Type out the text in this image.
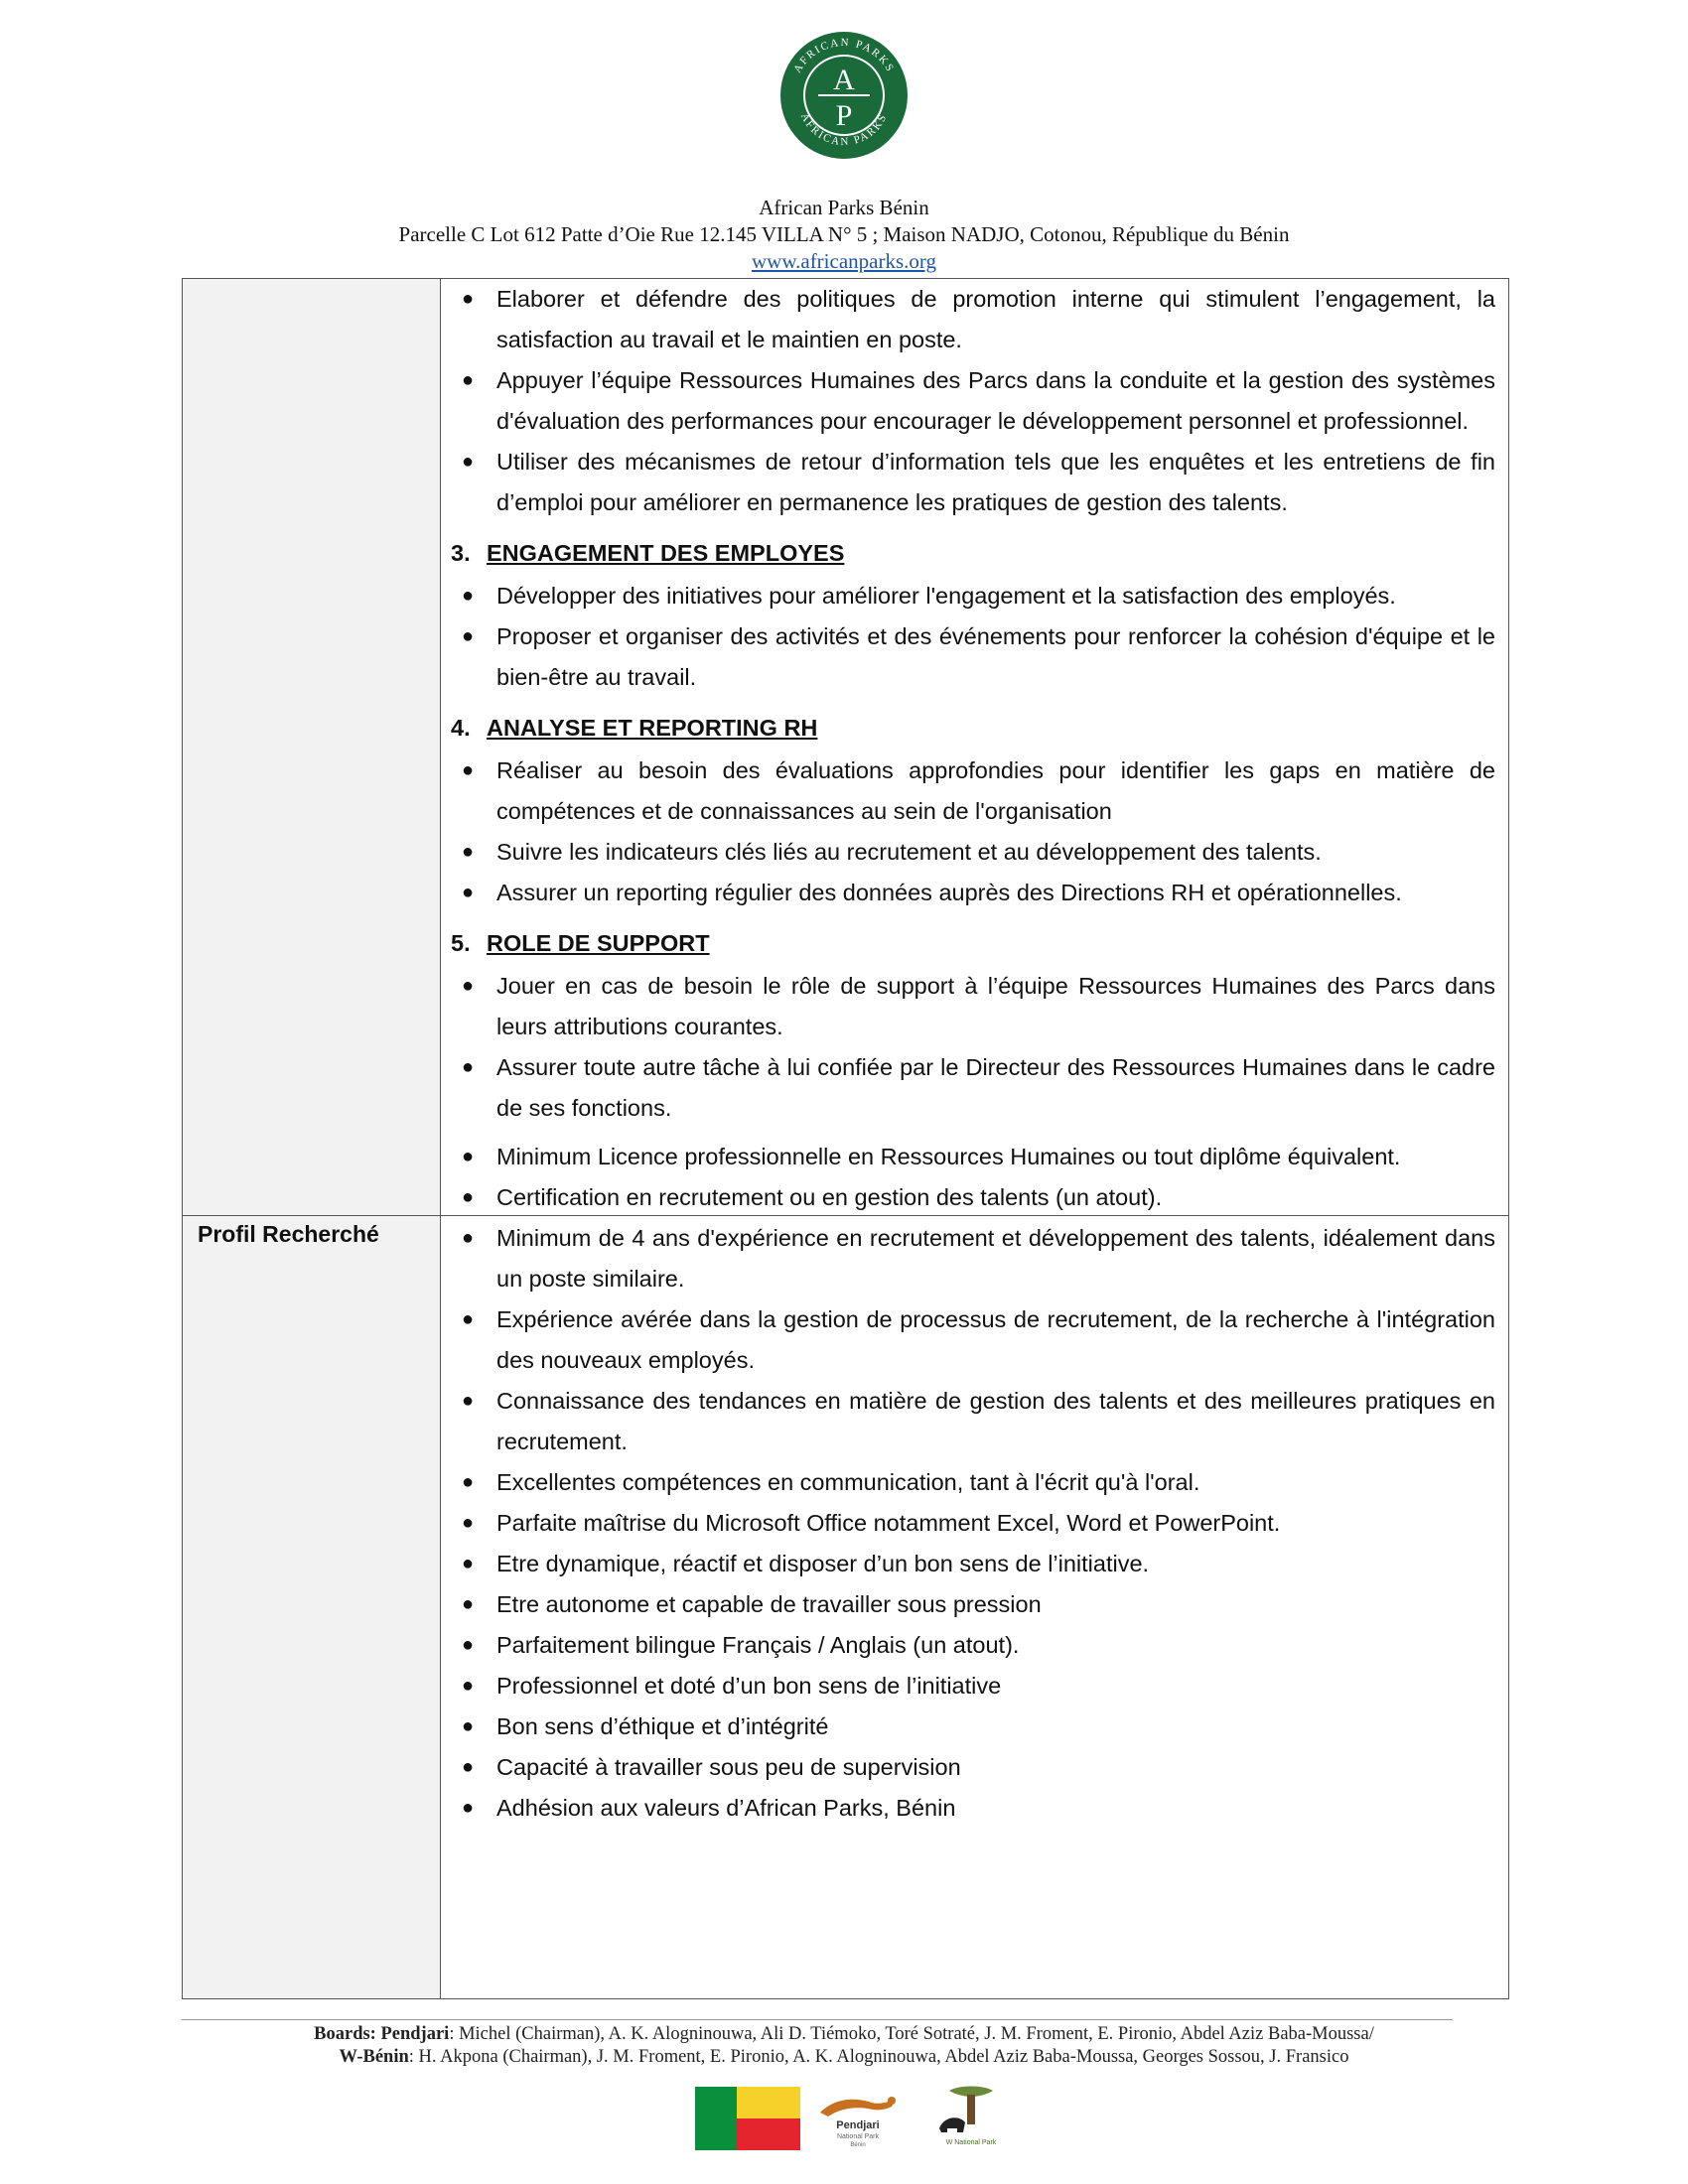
AFRICAN PARKS
AFRICAN PARKS
A
P
African Parks Bénin
Parcelle C Lot 612 Patte d’Oie Rue 12.145 VILLA N° 5 ; Maison NADJO, Cotonou, République du Bénin
www.africanparks.org
Profil Recherché
● Elaborer et défendre des politiques de promotion interne qui stimulent l’engagement, la satisfaction au travail et le maintien en poste.
● Appuyer l’équipe Ressources Humaines des Parcs dans la conduite et la gestion des systèmes d'évaluation des performances pour encourager le développement personnel et professionnel.
● Utiliser des mécanismes de retour d’information tels que les enquêtes et les entretiens de fin d’emploi pour améliorer en permanence les pratiques de gestion des talents.
3. ENGAGEMENT DES EMPLOYES
● Développer des initiatives pour améliorer l'engagement et la satisfaction des employés.
● Proposer et organiser des activités et des événements pour renforcer la cohésion d'équipe et le bien-être au travail.
4. ANALYSE ET REPORTING RH
● Réaliser au besoin des évaluations approfondies pour identifier les gaps en matière de compétences et de connaissances au sein de l'organisation
● Suivre les indicateurs clés liés au recrutement et au développement des talents.
● Assurer un reporting régulier des données auprès des Directions RH et opérationnelles.
5. ROLE DE SUPPORT
● Jouer en cas de besoin le rôle de support à l’équipe Ressources Humaines des Parcs dans leurs attributions courantes.
● Assurer toute autre tâche à lui confiée par le Directeur des Ressources Humaines dans le cadre de ses fonctions.
● Minimum Licence professionnelle en Ressources Humaines ou tout diplôme équivalent.
● Certification en recrutement ou en gestion des talents (un atout).
● Minimum de 4 ans d'expérience en recrutement et développement des talents, idéalement dans un poste similaire.
● Expérience avérée dans la gestion de processus de recrutement, de la recherche à l'intégration des nouveaux employés.
● Connaissance des tendances en matière de gestion des talents et des meilleures pratiques en recrutement.
● Excellentes compétences en communication, tant à l'écrit qu'à l'oral.
● Parfaite maîtrise du Microsoft Office notamment Excel, Word et PowerPoint.
● Etre dynamique, réactif et disposer d’un bon sens de l’initiative.
● Etre autonome et capable de travailler sous pression
● Parfaitement bilingue Français / Anglais (un atout).
● Professionnel et doté d’un bon sens de l’initiative
● Bon sens d’éthique et d’intégrité
● Capacité à travailler sous peu de supervision
● Adhésion aux valeurs d’African Parks, Bénin
Boards: Pendjari: Michel (Chairman), A. K. Alogninouwa, Ali D. Tiémoko, Toré Sotraté, J. M. Froment, E. Pironio, Abdel Aziz Baba-Moussa/
W-Bénin: H. Akpona (Chairman), J. M. Froment, E. Pironio, A. K. Alogninouwa, Abdel Aziz Baba-Moussa, Georges Sossou, J. Fransico
Pendjari
National Park
Bénin	W National Park
